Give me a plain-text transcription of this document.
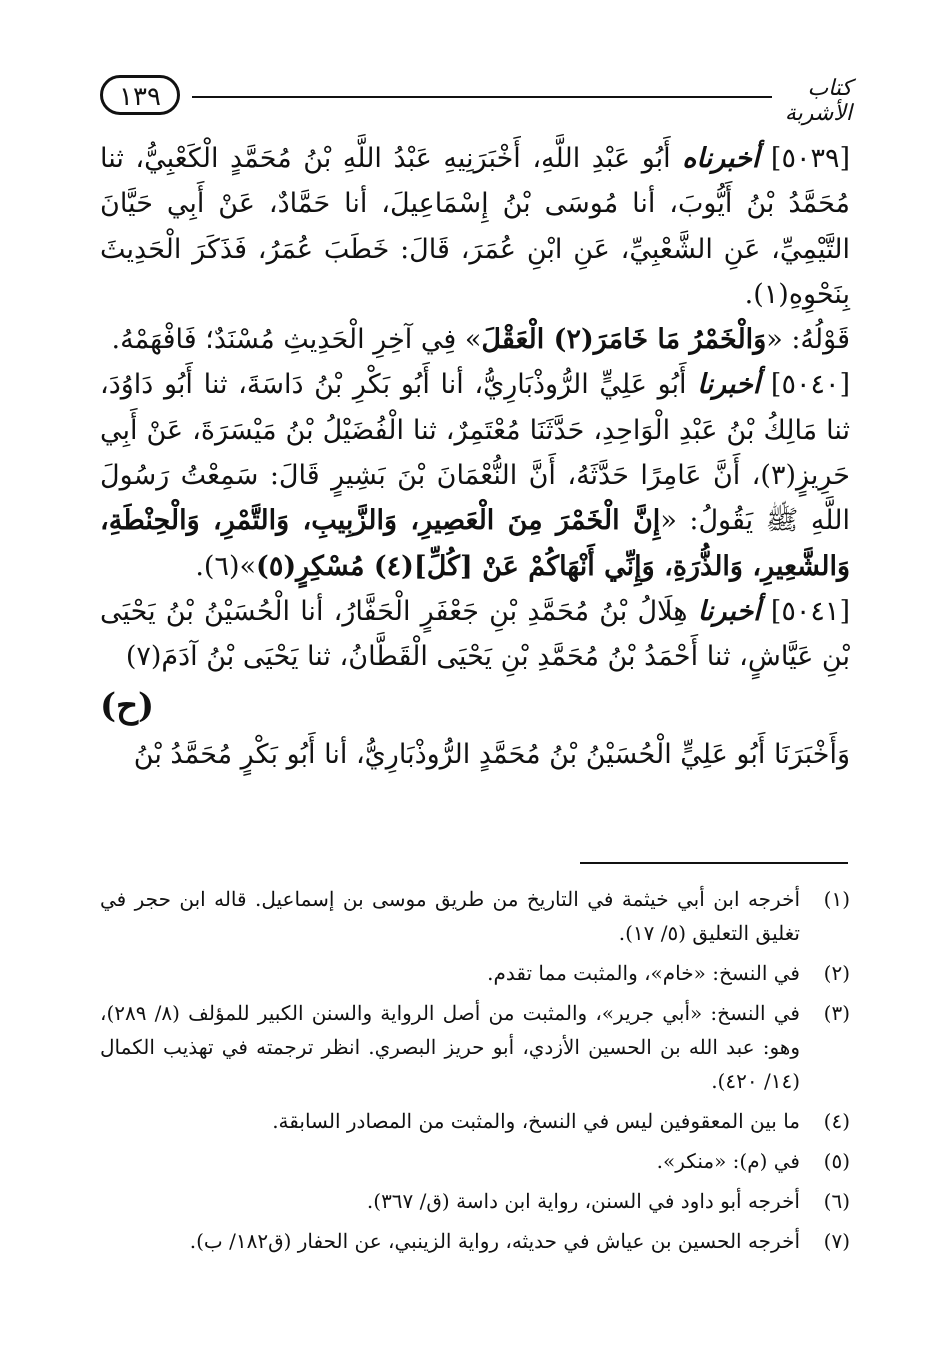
١٣٩	كتاب الأشربة

[٥٠٣٩] أخبرناه أَبُو عَبْدِ اللَّهِ، أَخْبَرَنِيهِ عَبْدُ اللَّهِ بْنُ مُحَمَّدٍ الْكَعْبِيُّ، ثنا مُحَمَّدُ بْنُ أَيُّوبَ، أنا مُوسَى بْنُ إِسْمَاعِيلَ، أنا حَمَّادٌ، عَنْ أَبِي حَيَّانَ التَّيْمِيِّ، عَنِ الشَّعْبِيِّ، عَنِ ابْنِ عُمَرَ، قَالَ: خَطَبَ عُمَرُ، فَذَكَرَ الْحَدِيثَ بِنَحْوِهِ(١).

قَوْلُهُ: «وَالْخَمْرُ مَا خَامَرَ(٢) الْعَقْلَ» فِي آخِرِ الْحَدِيثِ مُسْنَدٌ؛ فَافْهَمْهُ.

[٥٠٤٠] أخبرنا أَبُو عَلِيٍّ الرُّوذْبَارِيُّ، أنا أَبُو بَكْرِ بْنُ دَاسَةَ، ثنا أَبُو دَاوُدَ، ثنا مَالِكُ بْنُ عَبْدِ الْوَاحِدِ، حَدَّثَنَا مُعْتَمِرٌ، ثنا الْفُضَيْلُ بْنُ مَيْسَرَةَ، عَنْ أَبِي حَرِيزٍ(٣)، أَنَّ عَامِرًا حَدَّثَهُ، أَنَّ النُّعْمَانَ بْنَ بَشِيرٍ قَالَ: سَمِعْتُ رَسُولَ اللَّهِ ﷺ يَقُولُ: «إِنَّ الْخَمْرَ مِنَ الْعَصِيرِ، وَالزَّبِيبِ، وَالتَّمْرِ، وَالْحِنْطَةِ، وَالشَّعِيرِ، وَالذُّرَةِ، وَإِنِّي أَنْهَاكُمْ عَنْ [كُلِّ](٤) مُسْكِرٍ(٥)»(٦).

[٥٠٤١] أخبرنا هِلَالُ بْنُ مُحَمَّدِ بْنِ جَعْفَرٍ الْحَفَّارُ، أنا الْحُسَيْنُ بْنُ يَحْيَى بْنِ عَيَّاشٍ، ثنا أَحْمَدُ بْنُ مُحَمَّدِ بْنِ يَحْيَى الْقَطَّانُ، ثنا يَحْيَى بْنُ آدَمَ(٧)
(ح)
وَأَخْبَرَنَا أَبُو عَلِيٍّ الْحُسَيْنُ بْنُ مُحَمَّدٍ الرُّوذْبَارِيُّ، أنا أَبُو بَكْرٍ مُحَمَّدُ بْنُ

(١)
أخرجه ابن أبي خيثمة في التاريخ من طريق موسى بن إسماعيل. قاله ابن حجر في تغليق التعليق (٥/ ١٧).
(٢)
في النسخ: «خام»، والمثبت مما تقدم.
(٣)
في النسخ: «أبي جرير»، والمثبت من أصل الرواية والسنن الكبير للمؤلف (٨/ ٢٨٩)، وهو: عبد الله بن الحسين الأزدي، أبو حريز البصري. انظر ترجمته في تهذيب الكمال (١٤/ ٤٢٠).
(٤)
ما بين المعقوفين ليس في النسخ، والمثبت من المصادر السابقة.
(٥)
في (م): «منكر».
(٦)
أخرجه أبو داود في السنن، رواية ابن داسة (ق/ ٣٦٧).
(٧)
أخرجه الحسين بن عياش في حديثه، رواية الزينبي، عن الحفار (ق١٨٢/ ب).
